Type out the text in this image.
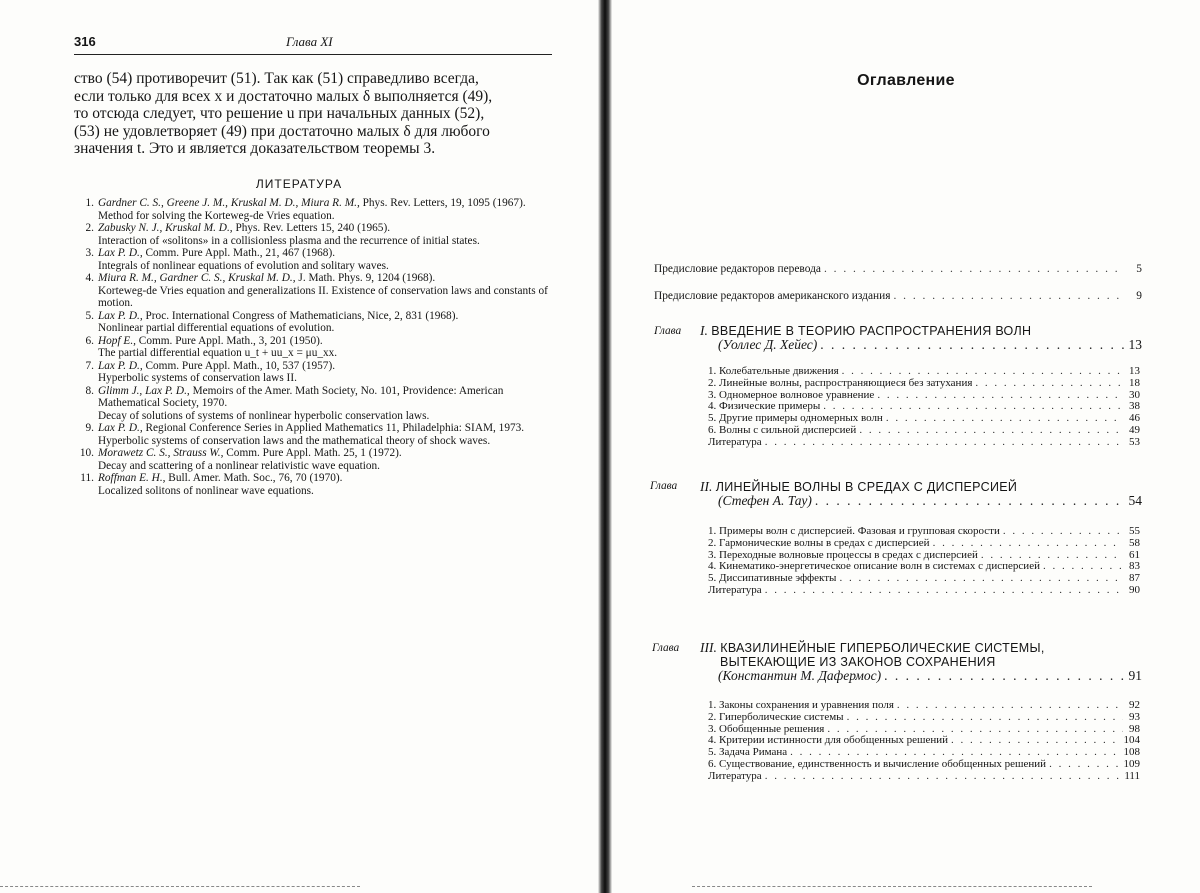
316	Глава XI
ство (54) противоречит (51). Так как (51) справедливо всегда,
если только для всех x и достаточно малых δ выполняется (49),
то отсюда следует, что решение u при начальных данных (52),
(53) не удовлетворяет (49) при достаточно малых δ для любого
значения t. Это и является доказательством теоремы 3.
ЛИТЕРАТУРА
1. Gardner C. S., Greene J. M., Kruskal M. D., Miura R. M., Phys. Rev. Letters, 19, 1095 (1967).
Method for solving the Korteweg-de Vries equation.
2. Zabusky N. J., Kruskal M. D., Phys. Rev. Letters 15, 240 (1965).
Interaction of «solitons» in a collisionless plasma and the recurrence of initial states.
3. Lax P. D., Comm. Pure Appl. Math., 21, 467 (1968).
Integrals of nonlinear equations of evolution and solitary waves.
4. Miura R. M., Gardner C. S., Kruskal M. D., J. Math. Phys. 9, 1204 (1968).
Korteweg-de Vries equation and generalizations II. Existence of conservation laws and constants of motion.
5. Lax P. D., Proc. International Congress of Mathematicians, Nice, 2, 831 (1968).
Nonlinear partial differential equations of evolution.
6. Hopf E., Comm. Pure Appl. Math., 3, 201 (1950).
The partial differential equation u_t + uu_x = μu_xx.
7. Lax P. D., Comm. Pure Appl. Math., 10, 537 (1957).
Hyperbolic systems of conservation laws II.
8. Glimm J., Lax P. D., Memoirs of the Amer. Math Society, No. 101, Providence: American Mathematical Society, 1970.
Decay of solutions of systems of nonlinear hyperbolic conservation laws.
9. Lax P. D., Regional Conference Series in Applied Mathematics 11, Philadelphia: SIAM, 1973.
Hyperbolic systems of conservation laws and the mathematical theory of shock waves.
10. Morawetz C. S., Strauss W., Comm. Pure Appl. Math. 25, 1 (1972).
Decay and scattering of a nonlinear relativistic wave equation.
11. Roffman E. H., Bull. Amer. Math. Soc., 76, 70 (1970).
Localized solitons of nonlinear wave equations.
Оглавление
Предисловие редакторов перевода . . .	5
Предисловие редакторов американского издания . . .	9
Глава I. ВВЕДЕНИЕ В ТЕОРИЮ РАСПРОСТРАНЕНИЯ ВОЛН
(Уоллес Д. Хейес) . . .	13
1. Колебательные движения . . .	13
2. Линейные волны, распространяющиеся без затухания . . .	18
3. Одномерное волновое уравнение . . .	30
4. Физические примеры . . .	38
5. Другие примеры одномерных волн . . .	46
6. Волны с сильной дисперсией . . .	49
Литература . . .	53
Глава II. ЛИНЕЙНЫЕ ВОЛНЫ В СРЕДАХ С ДИСПЕРСИЕЙ
(Стефен А. Тау) . . .	54
1. Примеры волн с дисперсией. Фазовая и групповая скорости . . .	55
2. Гармонические волны в средах с дисперсией . . .	58
3. Переходные волновые процессы в средах с дисперсией . . .	61
4. Кинематико-энергетическое описание волн в системах с дисперсией . . .	83
5. Диссипативные эффекты . . .	87
Литература . . .	90
Глава III. КВАЗИЛИНЕЙНЫЕ ГИПЕРБОЛИЧЕСКИЕ СИСТЕМЫ,
ВЫТЕКАЮЩИЕ ИЗ ЗАКОНОВ СОХРАНЕНИЯ
(Константин М. Дафермос) . . .	91
1. Законы сохранения и уравнения поля . . .	92
2. Гиперболические системы . . .	93
3. Обобщенные решения . . .	98
4. Критерии истинности для обобщенных решений . . .	104
5. Задача Римана . . .	108
6. Существование, единственность и вычисление обобщенных решений . . .	109
Литература . . .	111
